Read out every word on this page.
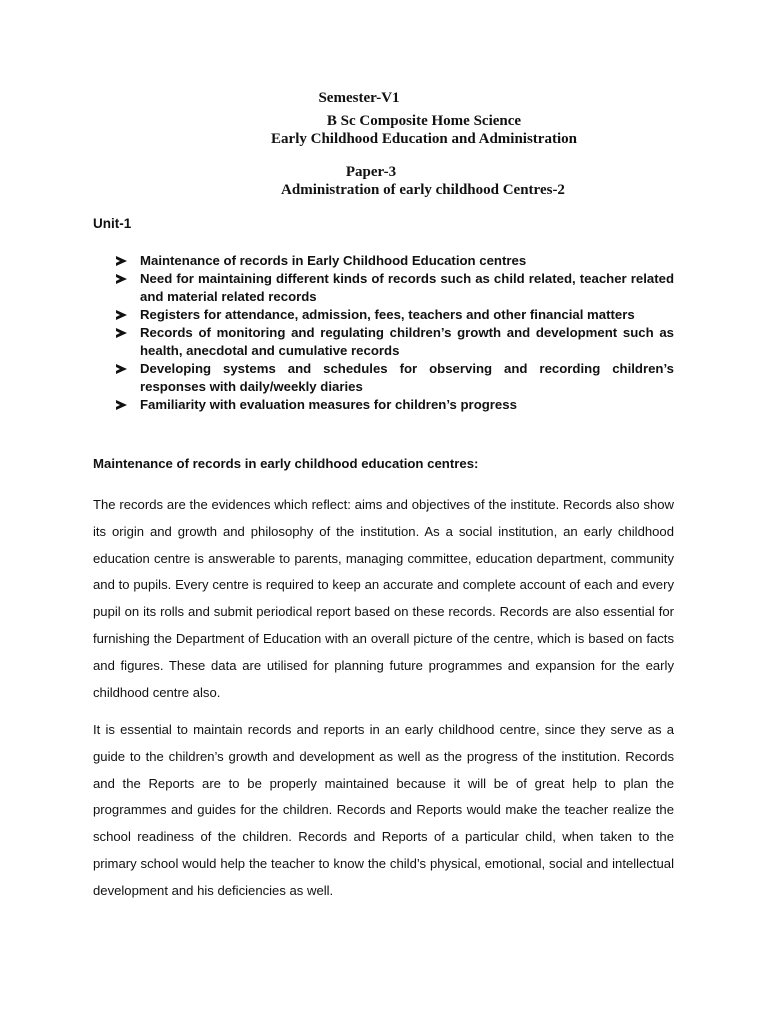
Semester-V1
B Sc Composite Home Science
Early Childhood Education and Administration
Paper-3
Administration of early childhood Centres-2
Unit-1
Maintenance of records in Early Childhood Education centres
Need for maintaining different kinds of records such as child related, teacher related and material related records
Registers for attendance, admission, fees, teachers and other financial matters
Records of monitoring and regulating children’s growth and development such as health, anecdotal and cumulative records
Developing systems and schedules for observing and recording children’s responses with daily/weekly diaries
Familiarity with evaluation measures for children’s progress
Maintenance of records in early childhood education centres:

The records are the evidences which reflect: aims and objectives of the institute. Records also show its origin and growth and philosophy of the institution. As a social institution, an early childhood education centre is answerable to parents, managing committee, education department, community and to pupils. Every centre is required to keep an accurate and complete account of each and every pupil on its rolls and submit periodical report based on these records. Records are also essential for furnishing the Department of Education with an overall picture of the centre, which is based on facts and figures. These data are utilised for planning future programmes and expansion for the early childhood centre also.

It is essential to maintain records and reports in an early childhood centre, since they serve as a guide to the children’s growth and development as well as the progress of the institution. Records and the Reports are to be properly maintained because it will be of great help to plan the programmes and guides for the children. Records and Reports would make the teacher realize the school readiness of the children. Records and Reports of a particular child, when taken to the primary school would help the teacher to know the child’s physical, emotional, social and intellectual development and his deficiencies as well.
